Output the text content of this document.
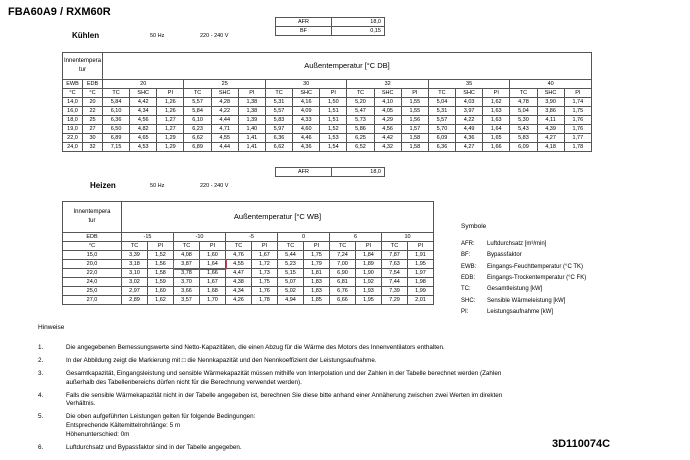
FBA60A9 / RXM60R
Kühlen	50 Hz	220 - 240 V
AFR	18,0
BF	0,15
Innentempera
tur		Außentemperatur [°C DB]																	

EWB	EDB	20			25			30			32			35			40		
°C	°C	TC	SHC	PI	TC	SHC	PI	TC	SHC	PI	TC	SHC	PI	TC	SHC	PI	TC	SHC	PI
14,0	20	5,84	4,42	1,26	5,57	4,28	1,38	5,31	4,16	1,50	5,20	4,10	1,55	5,04	4,03	1,62	4,78	3,90	1,74
16,0	22	6,10	4,34	1,26	5,84	4,22	1,38	5,57	4,09	1,51	5,47	4,05	1,55	5,31	3,97	1,63	5,04	3,86	1,75
18,0	25	6,36	4,56	1,27	6,10	4,44	1,39	5,83	4,33	1,51	5,73	4,29	1,56	5,57	4,22	1,63	5,30	4,11	1,76
19,0	27	6,50	4,82	1,27	6,23	4,71	1,40	5,97	4,60	1,52	5,86	4,56	1,57	5,70	4,49	1,64	5,43	4,39	1,76
22,0	30	6,89	4,65	1,29	6,62	4,55	1,41	6,36	4,46	1,53	6,25	4,42	1,58	6,09	4,36	1,65	5,83	4,27	1,77
24,0	32	7,15	4,53	1,29	6,89	4,44	1,41	6,62	4,36	1,54	6,52	4,32	1,58	6,36	4,27	1,66	6,09	4,18	1,78
Heizen	50 Hz	220 - 240 V
AFR	18,0
Innentempera
tur	Außentemperatur [°C WB]											

EDB	-15		-10		-5		0		6		10	
°C	TC	PI	TC	PI	TC	PI	TC	PI	TC	PI	TC	PI
15,0	3,39	1,52	4,08	1,60	4,76	1,67	5,44	1,75	7,24	1,84	7,87	1,91
20,0	3,18	1,56	3,87	1,64	4,55	1,72	5,23	1,79	7,00	1,89	7,63	1,95
22,0	3,10	1,58	3,78	1,66	4,47	1,73	5,15	1,81	6,90	1,90	7,54	1,97
24,0	3,02	1,59	3,70	1,67	4,38	1,75	5,07	1,83	6,81	1,92	7,44	1,98
25,0	2,97	1,60	3,66	1,68	4,34	1,76	5,02	1,83	6,76	1,93	7,39	1,99
27,0	2,89	1,62	3,57	1,70	4,26	1,78	4,94	1,85	6,66	1,95	7,29	2,01
Symbole
AFR: Luftdurchsatz [m³/min]
BF:	Bypassfaktor
EWB: Eingangs-Feuchttemperatur (°C TK)
EDB: Eingangs-Trockentemperatur (°C FK)
TC:	Gesamtleistung [kW]
SHC: Sensible Wärmeleistung [kW]
PI:	Leistungsaufnahme [kW]
Hinweise
1.	Die angegebenen Bemessungswerte sind Netto-Kapazitäten, die einen Abzug für die Wärme des Motors des Innenventilators enthalten.
2.	In der Abbildung zeigt die Markierung mit □ die Nennkapazität und den Nennkoeffizient der Leistungsaufnahme.
3.	Gesamtkapazität, Eingangsleistung und sensible Wärmekapazität müssen mithilfe von Interpolation und der Zahlen in der Tabelle berechnet werden (Zahlen
außerhalb des Tabellenbereichs dürfen nicht für die Berechnung verwendet werden).
4.	Falls die sensible Wärmekapazität nicht in der Tabelle angegeben ist, berechnen Sie diese bitte anhand einer Annäherung zwischen zwei Werten im direkten
Verhältnis.
5.	Die oben aufgeführten Leistungen gelten für folgende Bedingungen:
Entsprechende Kältemittelrohrlänge: 5 m
Höhenunterschied: 0m
6.	Luftdurchsatz und Bypassfaktor sind in der Tabelle angegeben.	3D110074C
